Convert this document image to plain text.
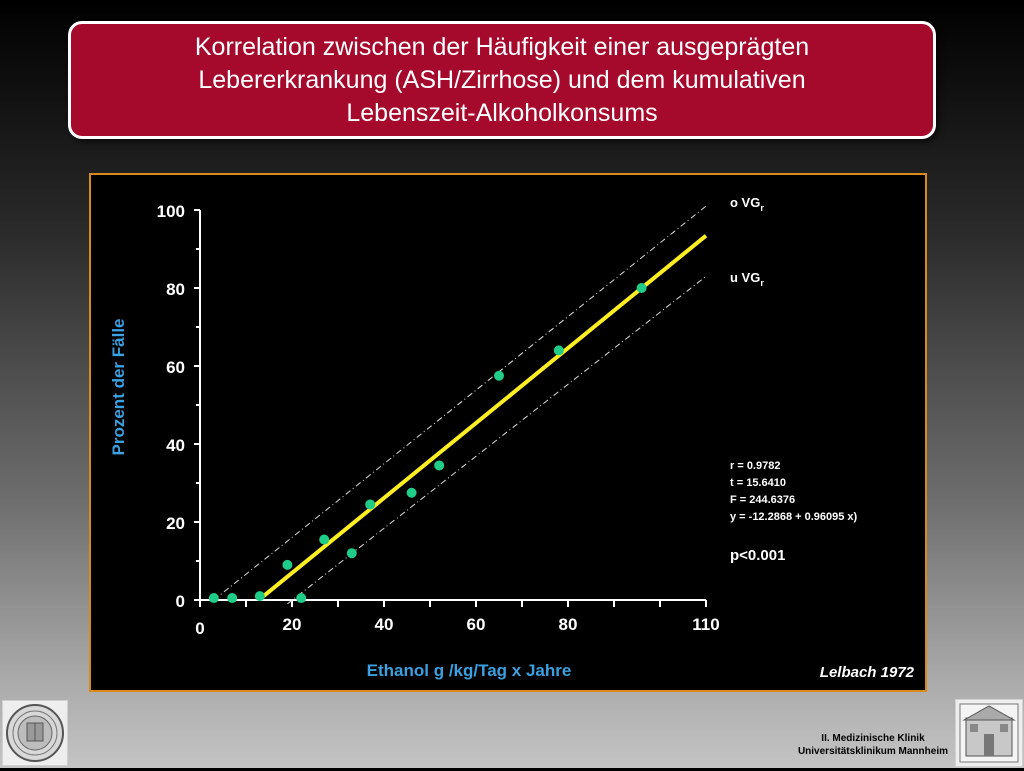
Korrelation zwischen der Häufigkeit einer ausgeprägten
Lebererkrankung (ASH/Zirrhose) und dem kumulativen
Lebenszeit-Alkoholkonsums
0
20
40
60
80
100
0	20	40	60	80	110
Prozent der Fälle
Ethanol g /kg/Tag x Jahre
o $VG_r$
u $VG_r$
r = 0.9782
t = 15.6410
F = 244.6376
y = -12.2868 + 0.96095 x)
p<0.001
Lelbach 1972
II. Medizinische Klinik
Universitätsklinikum Mannheim
